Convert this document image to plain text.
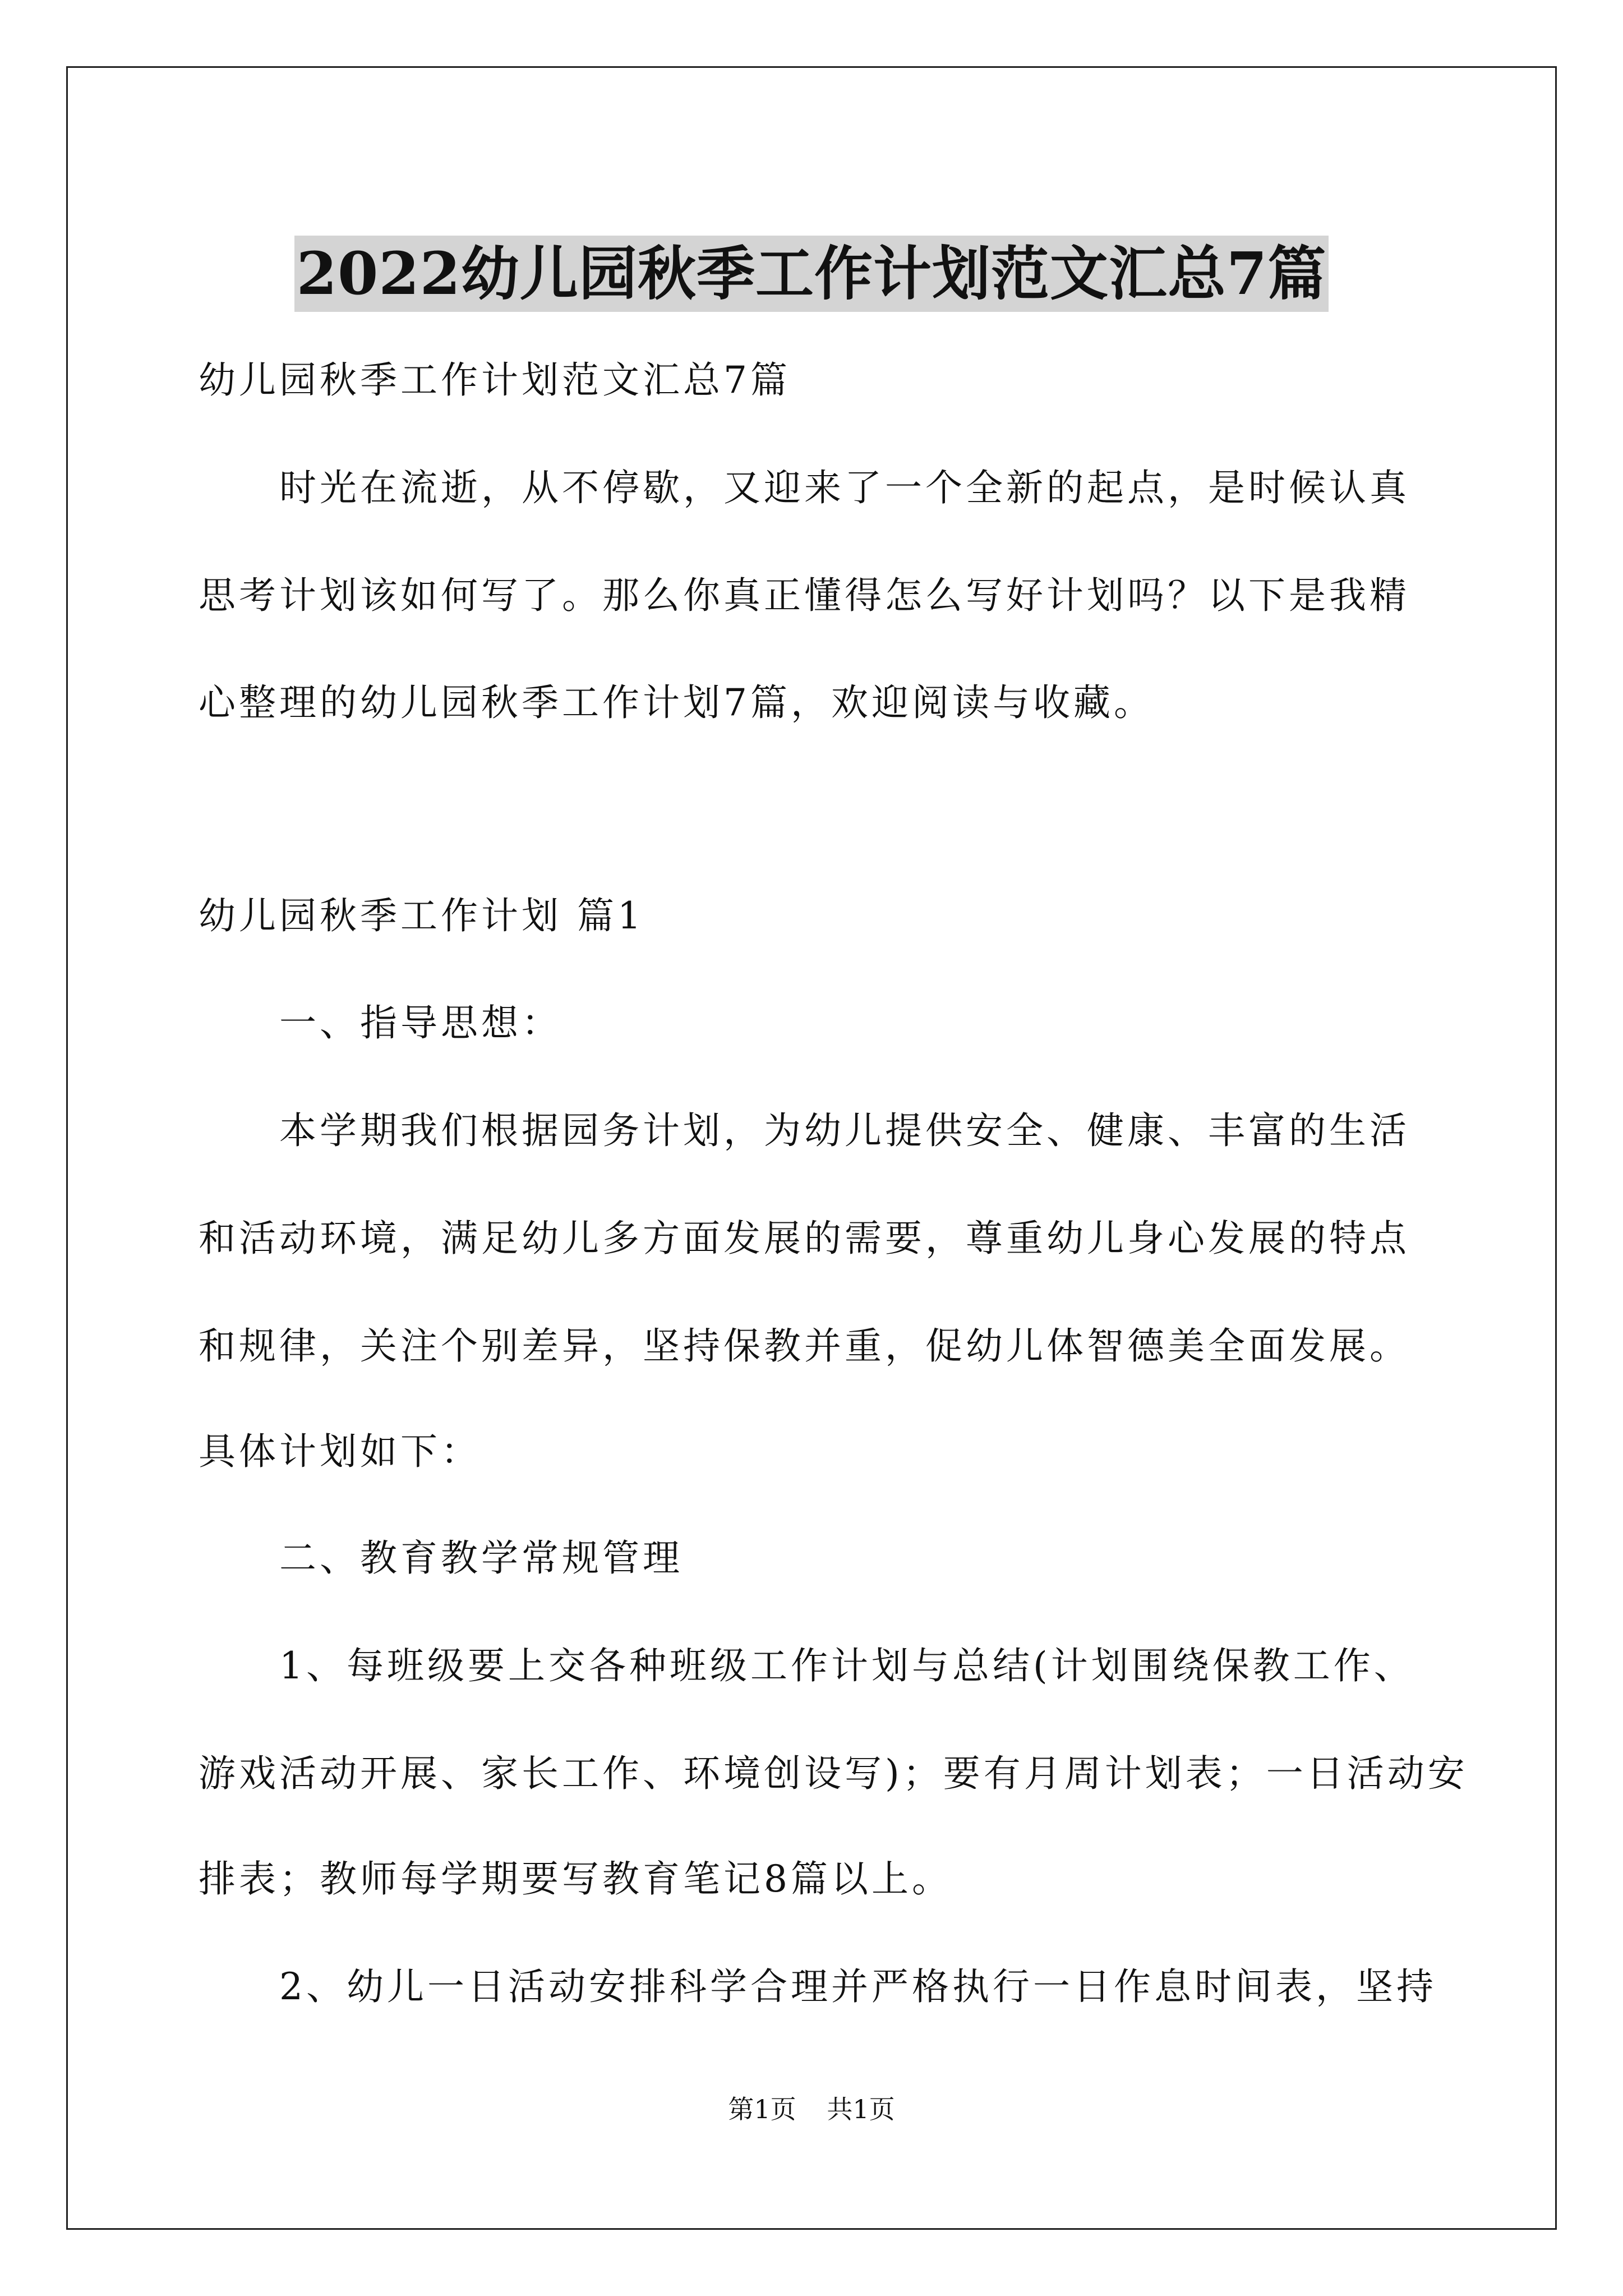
2022幼儿园秋季工作计划范文汇总7篇

幼儿园秋季工作计划范文汇总7篇

　　时光在流逝，从不停歇，又迎来了一个全新的起点，是时候认真

思考计划该如何写了。那么你真正懂得怎么写好计划吗？以下是我精

心整理的幼儿园秋季工作计划7篇，欢迎阅读与收藏。

幼儿园秋季工作计划 篇1

　　一、指导思想：

　　本学期我们根据园务计划，为幼儿提供安全、健康、丰富的生活

和活动环境，满足幼儿多方面发展的需要，尊重幼儿身心发展的特点

和规律，关注个别差异，坚持保教并重，促幼儿体智德美全面发展。

具体计划如下：

　　二、教育教学常规管理

　　1、每班级要上交各种班级工作计划与总结(计划围绕保教工作、

游戏活动开展、家长工作、环境创设写)；要有月周计划表；一日活动安

排表；教师每学期要写教育笔记8篇以上。

　　2、幼儿一日活动安排科学合理并严格执行一日作息时间表，坚持

第1页 共1页
